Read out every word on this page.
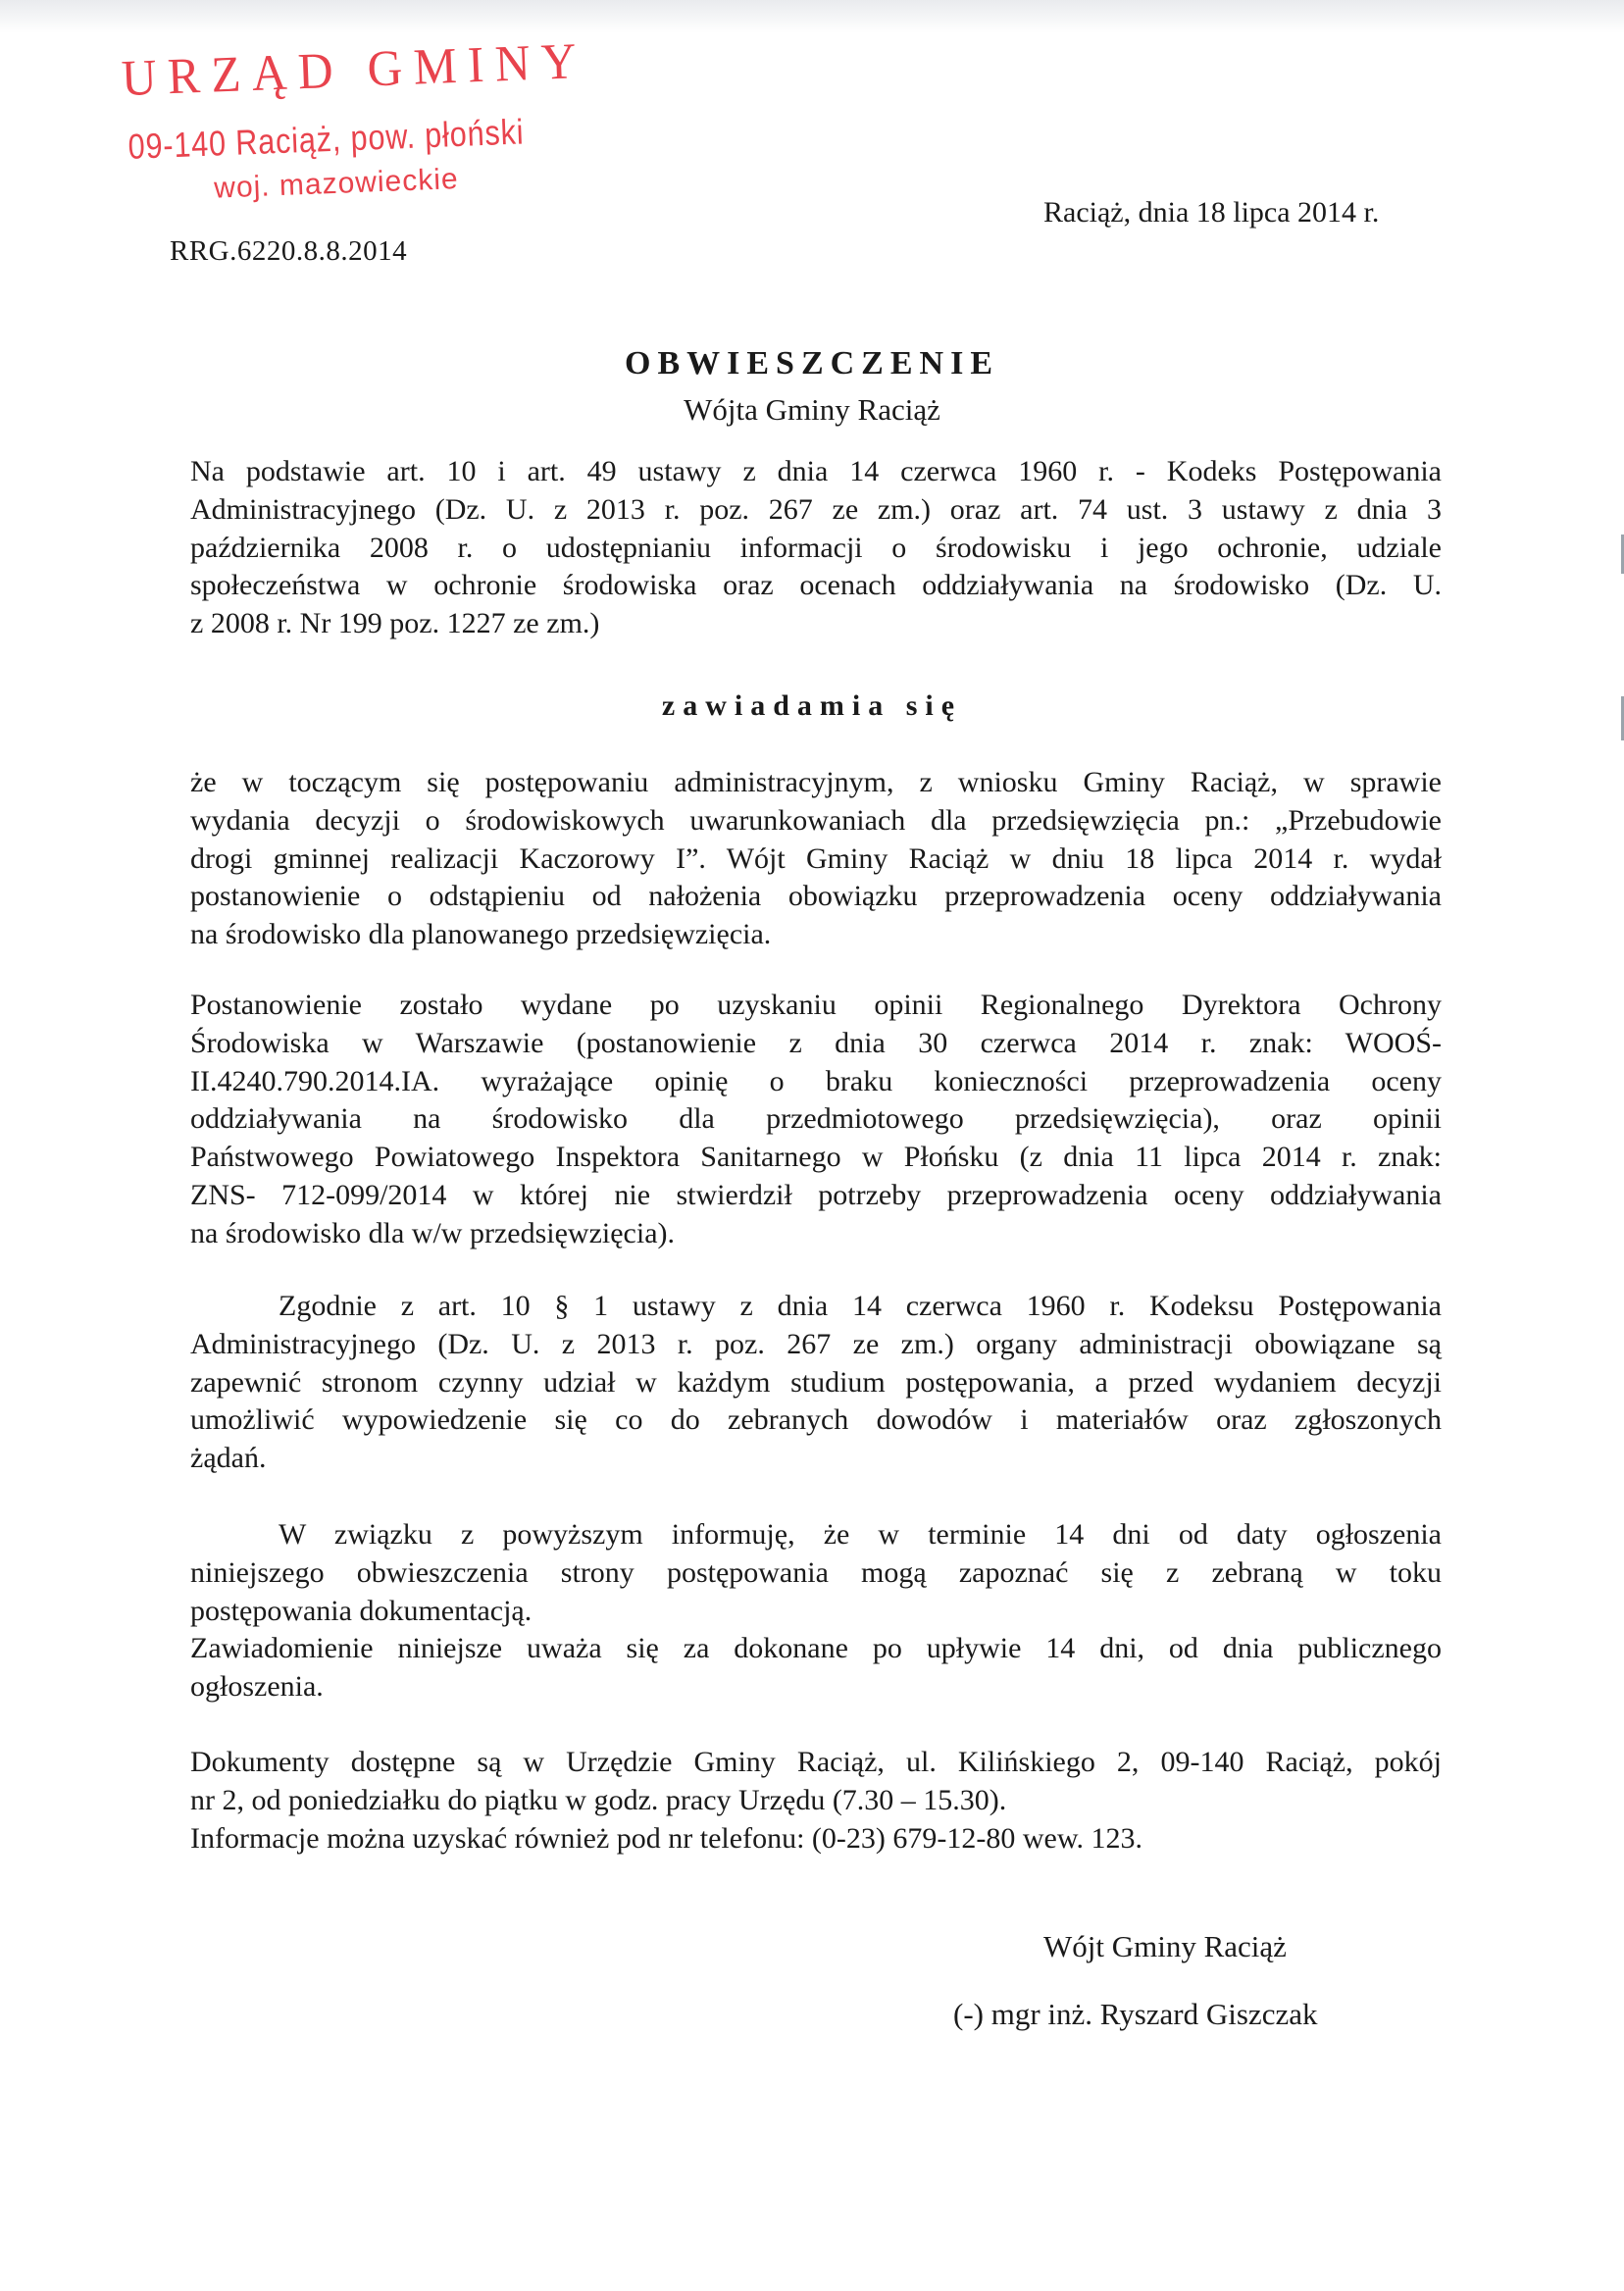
URZĄD GMINY
09-140 Raciąż, pow. płoński
woj. mazowieckie
Raciąż, dnia 18 lipca 2014 r.
RRG.6220.8.8.2014
OBWIESZCZENIE
Wójta Gminy Raciąż
Na podstawie art. 10 i art. 49 ustawy z dnia 14 czerwca 1960 r. - Kodeks Postępowania
Administracyjnego (Dz. U. z 2013 r. poz. 267 ze zm.) oraz art. 74 ust. 3 ustawy z dnia 3
października 2008 r. o udostępnianiu informacji o środowisku i jego ochronie, udziale
społeczeństwa w ochronie środowiska oraz ocenach oddziaływania na środowisko (Dz. U.
z 2008 r. Nr 199 poz. 1227 ze zm.)
zawiadamia się
że w toczącym się postępowaniu administracyjnym, z wniosku Gminy Raciąż, w sprawie
wydania decyzji o środowiskowych uwarunkowaniach dla przedsięwzięcia pn.: „Przebudowie
drogi gminnej realizacji Kaczorowy I”. Wójt Gminy Raciąż w dniu 18 lipca 2014 r. wydał
postanowienie o odstąpieniu od nałożenia obowiązku przeprowadzenia oceny oddziaływania
na środowisko dla planowanego przedsięwzięcia.
Postanowienie zostało wydane po uzyskaniu opinii Regionalnego Dyrektora Ochrony
Środowiska w Warszawie (postanowienie z dnia 30 czerwca 2014 r. znak: WOOŚ-
II.4240.790.2014.IA. wyrażające opinię o braku konieczności przeprowadzenia oceny
oddziaływania na środowisko dla przedmiotowego przedsięwzięcia), oraz opinii
Państwowego Powiatowego Inspektora Sanitarnego w Płońsku (z dnia 11 lipca 2014 r. znak:
ZNS- 712-099/2014 w której nie stwierdził potrzeby przeprowadzenia oceny oddziaływania
na środowisko dla w/w przedsięwzięcia).
Zgodnie z art. 10 § 1 ustawy z dnia 14 czerwca 1960 r. Kodeksu Postępowania
Administracyjnego (Dz. U. z 2013 r. poz. 267 ze zm.) organy administracji obowiązane są
zapewnić stronom czynny udział w każdym studium postępowania, a przed wydaniem decyzji
umożliwić wypowiedzenie się co do zebranych dowodów i materiałów oraz zgłoszonych
żądań.
W związku z powyższym informuję, że w terminie 14 dni od daty ogłoszenia
niniejszego obwieszczenia strony postępowania mogą zapoznać się z zebraną w toku
postępowania dokumentacją.
Zawiadomienie niniejsze uważa się za dokonane po upływie 14 dni, od dnia publicznego
ogłoszenia.
Dokumenty dostępne są w Urzędzie Gminy Raciąż, ul. Kilińskiego 2, 09-140 Raciąż, pokój
nr 2, od poniedziałku do piątku w godz. pracy Urzędu (7.30 – 15.30).
Informacje można uzyskać również pod nr telefonu: (0-23) 679-12-80 wew. 123.
Wójt Gminy Raciąż
(-) mgr inż. Ryszard Giszczak
